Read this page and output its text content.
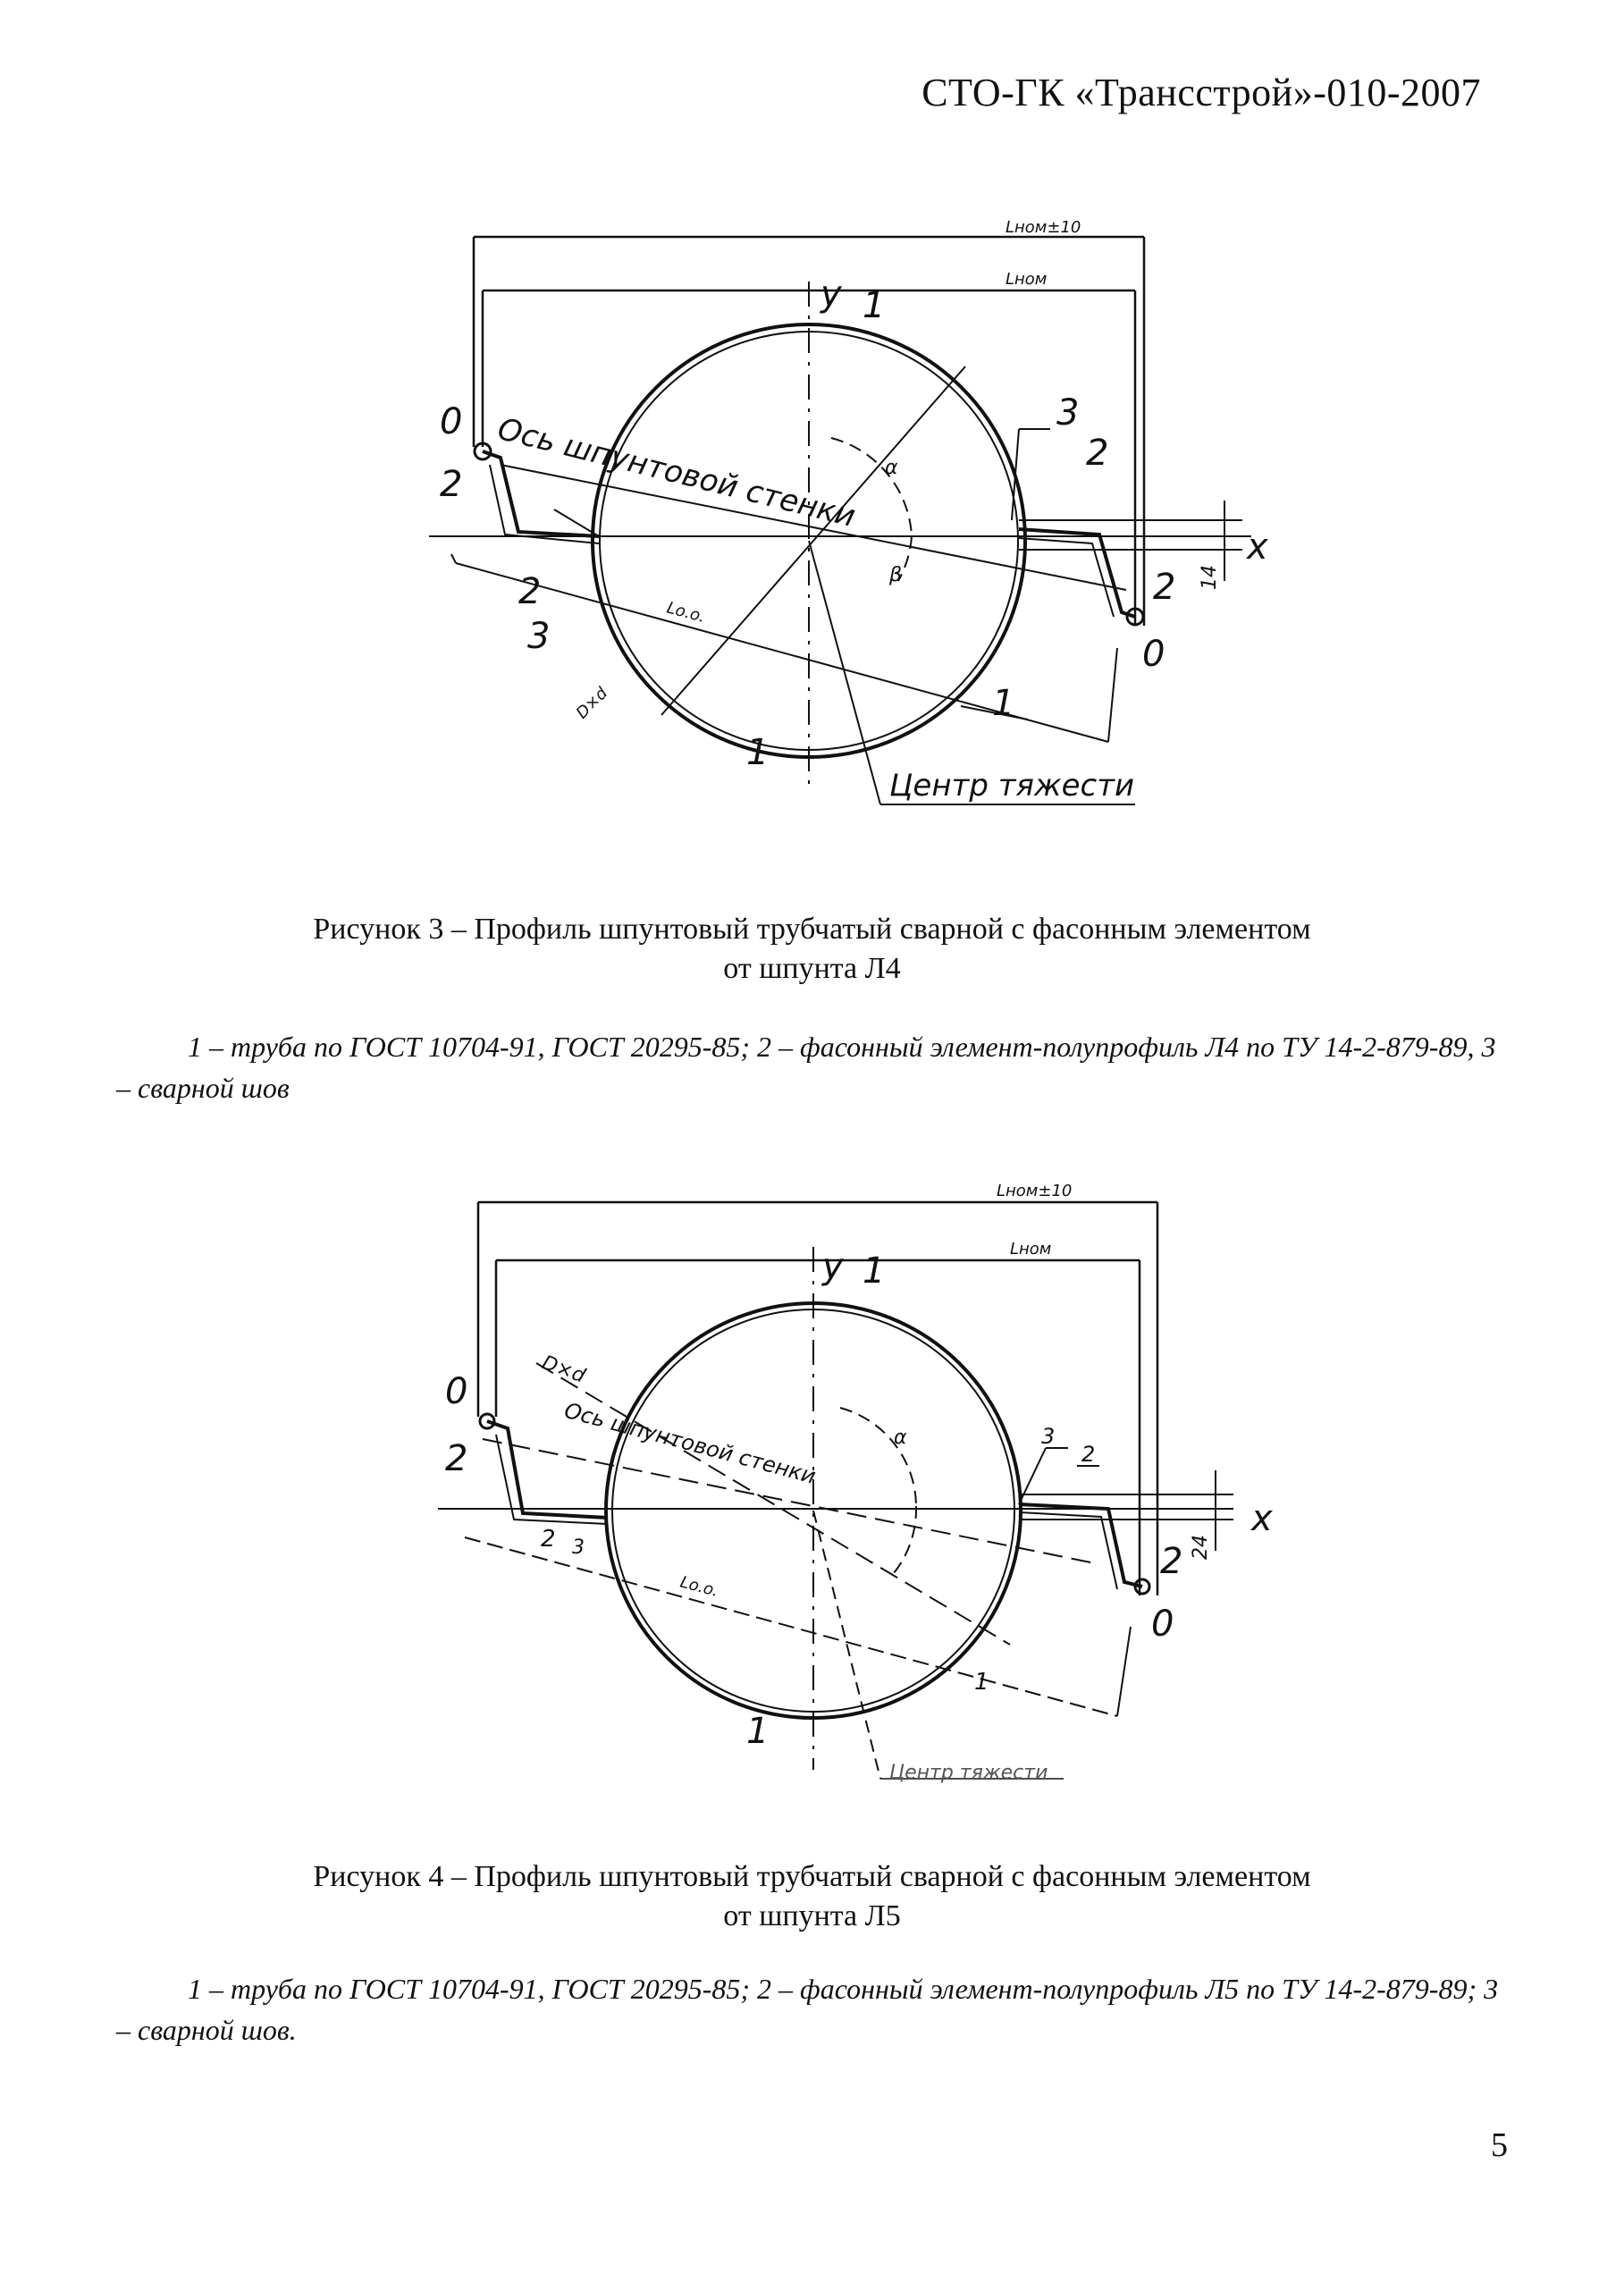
СТО-ГК «Трансстрой»-010-2007
Lном±10
Lном
y 1
0 Ось шпунтовой стенки
2
2
3
3
2
2
0
x
14
Lо.о.
D×d
α
β
1
1
Центр тяжести
Рисунок 3 – Профиль шпунтовый трубчатый сварной с фасонным элементом
от шпунта Л4
1 – труба по ГОСТ 10704-91, ГОСТ 20295-85; 2 – фасонный элемент-полупрофиль Л4 по ТУ 14-2-879-89, 3 – сварной шов
Lном±10
Lном
у 1
0
D×d
Ось шпунтовой стенки
2
2 3
3
2
2
0
x
24
Lо.о.
α
1
1
Центр тяжести
Рисунок 4 – Профиль шпунтовый трубчатый сварной с фасонным элементом
от шпунта Л5
1 – труба по ГОСТ 10704-91, ГОСТ 20295-85; 2 – фасонный элемент-полупрофиль Л5 по ТУ 14-2-879-89; 3 – сварной шов.
5
